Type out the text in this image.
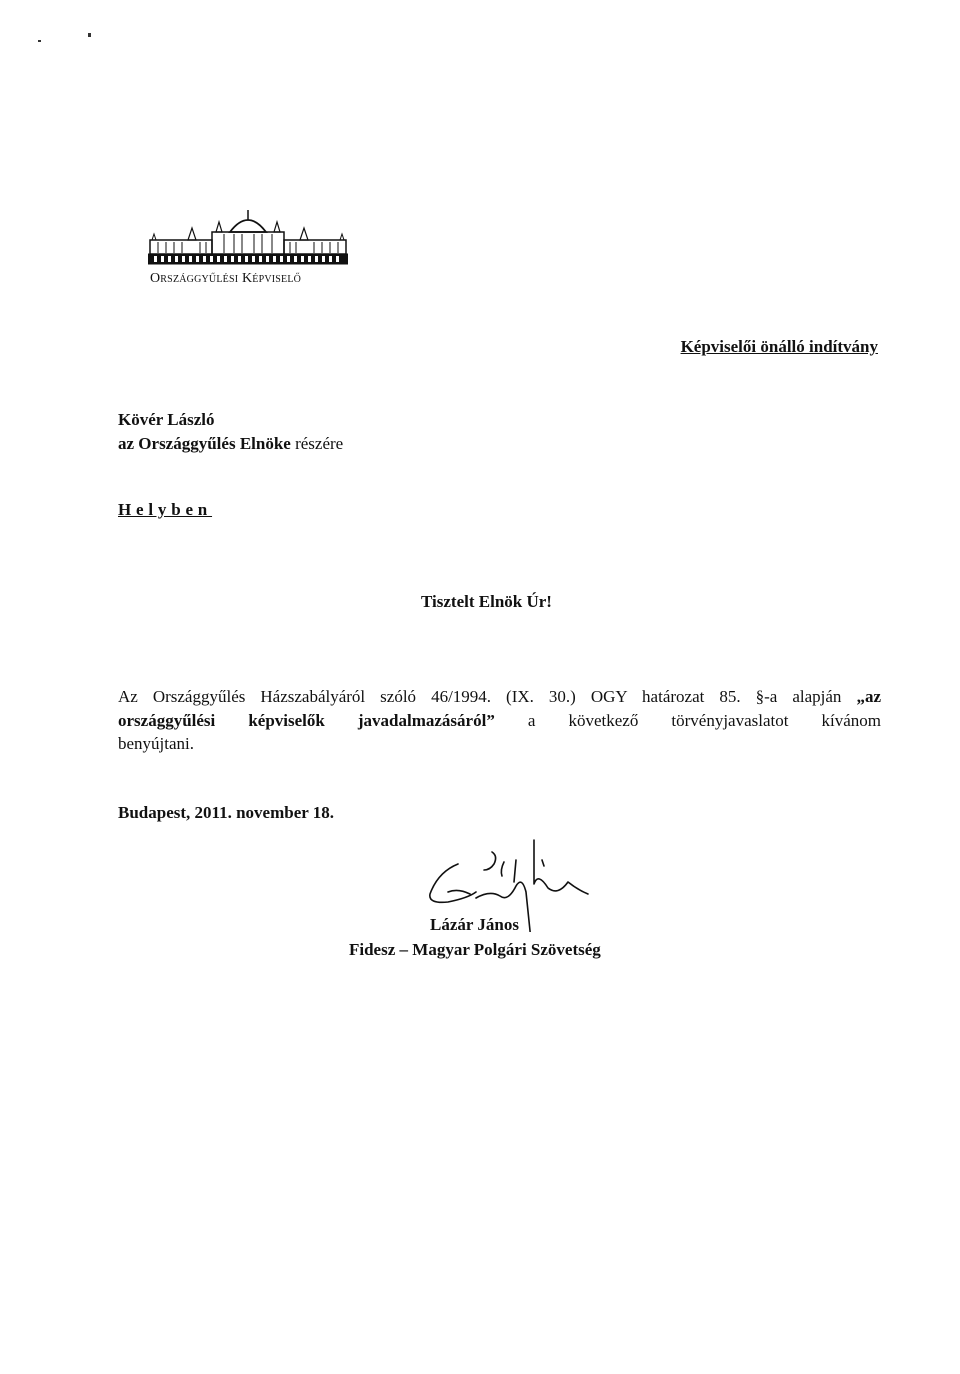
Országgyűlési Képviselő
Képviselői önálló indítvány
Kövér László
az Országgyűlés Elnöke részére
Helyben
Tisztelt Elnök Úr!
Az Országgyűlés Házszabályáról szóló 46/1994. (IX. 30.) OGY határozat 85. §-a alapján „az
országgyűlési képviselők javadalmazásáról” a következő törvényjavaslatot kívánom
benyújtani.
Budapest, 2011. november 18.
Lázár János
Fidesz – Magyar Polgári Szövetség
